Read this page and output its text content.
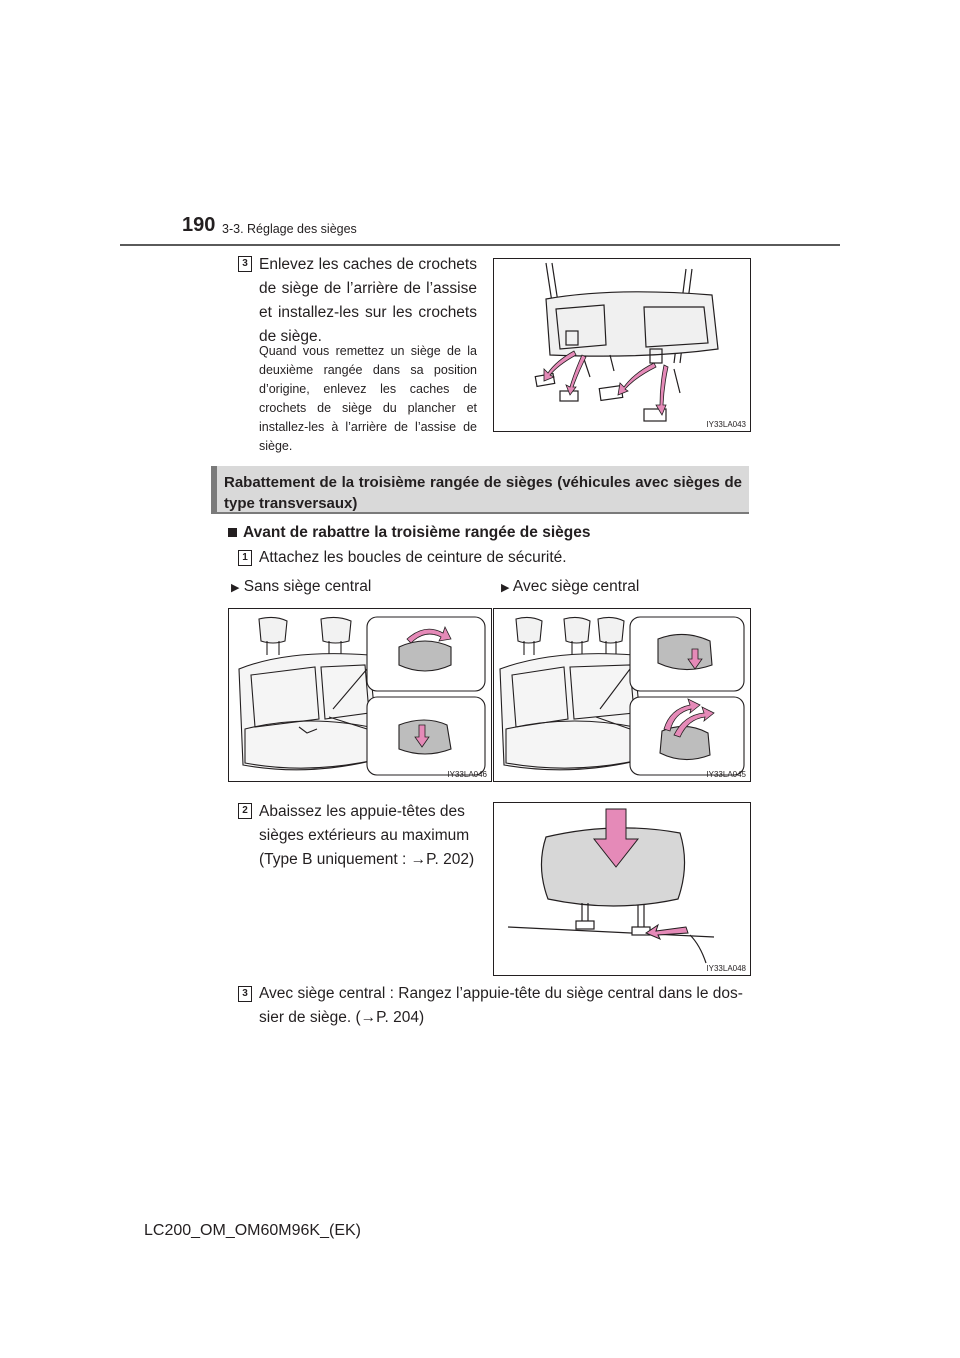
190 3-3. Réglage des sièges
3 Enlevez les caches de crochets de siège de l’arrière de l’assise et installez-les sur les crochets de siège.
Quand vous remettez un siège de la deuxième rangée dans sa position d’origine, enlevez les caches de crochets de siège du plancher et installez-les à l’arrière de l’assise de siège.
IY33LA043
Rabattement de la troisième rangée de sièges (véhicules avec sièges de type transversaux)
Avant de rabattre la troisième rangée de sièges
1 Attachez les boucles de ceinture de sécurité.
▶ Sans siège central	▶ Avec siège central
IY33LA046	IY33LA045
2 Abaissez les appuie-têtes des
sièges extérieurs au maximum
(Type B uniquement : →P. 202)
IY33LA048
3 Avec siège central : Rangez l’appuie-tête du siège central dans le dos-
sier de siège. (→P. 204)
LC200_OM_OM60M96K_(EK)
